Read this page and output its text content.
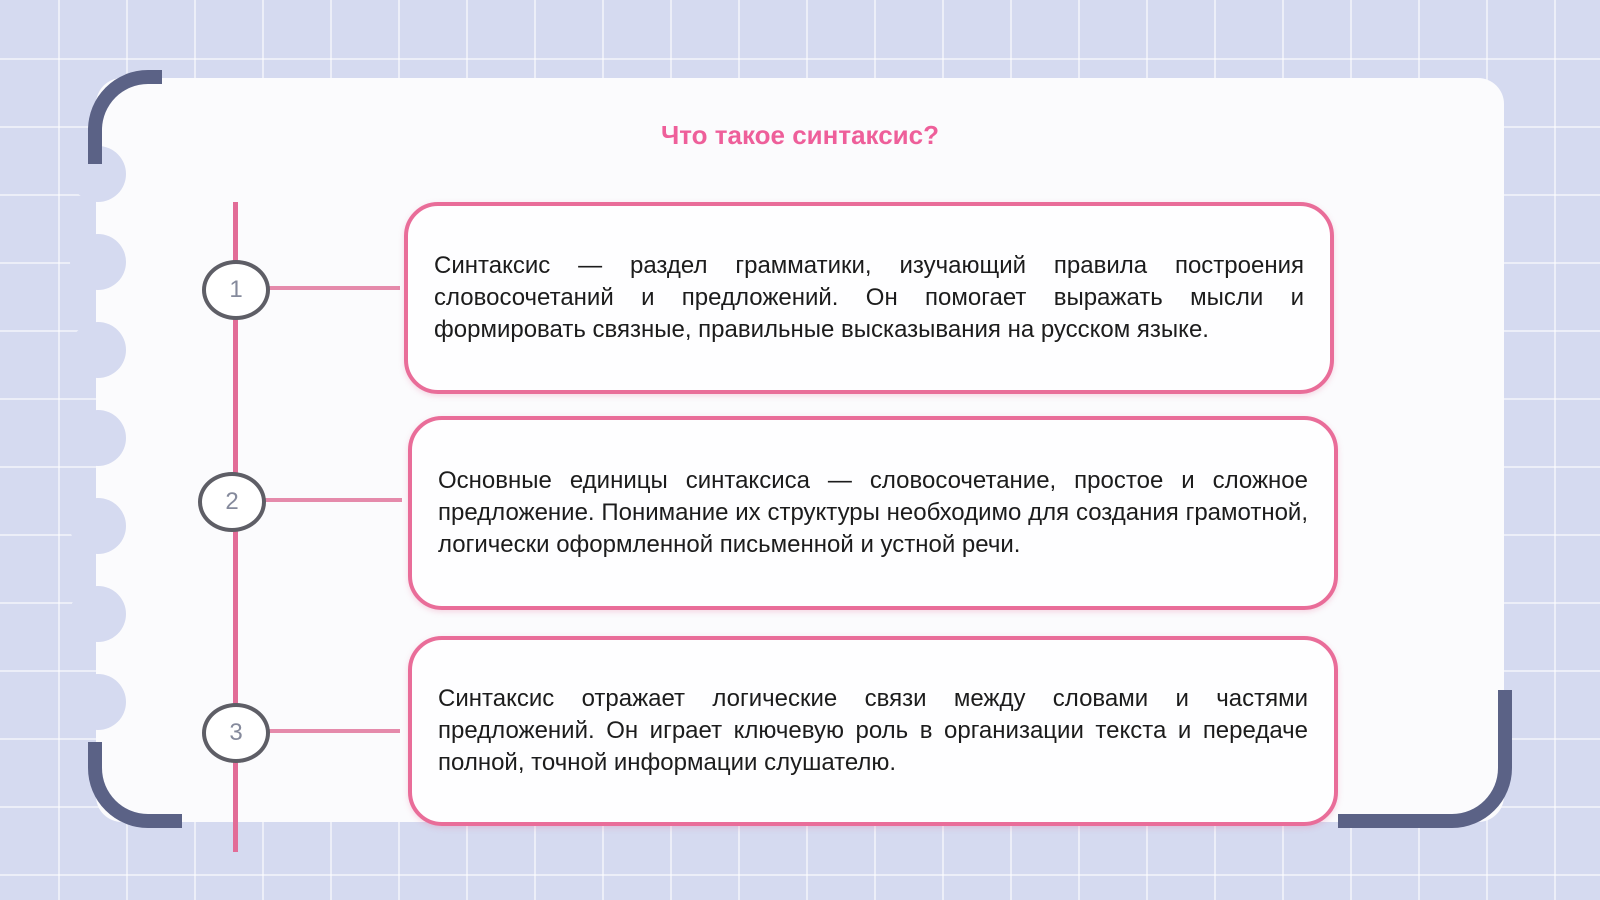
Что такое синтаксис?
1
Синтаксис — раздел грамматики, изучающий правила построения словосочетаний и предложений. Он помогает выражать мысли и формировать связные, правильные высказывания на русском языке.
2
Основные единицы синтаксиса — словосочетание, простое и сложное предложение. Понимание их структуры необходимо для создания грамотной, логически оформленной письменной и устной речи.
3
Синтаксис отражает логические связи между словами и частями предложений. Он играет ключевую роль в организации текста и передаче полной, точной информации слушателю.
